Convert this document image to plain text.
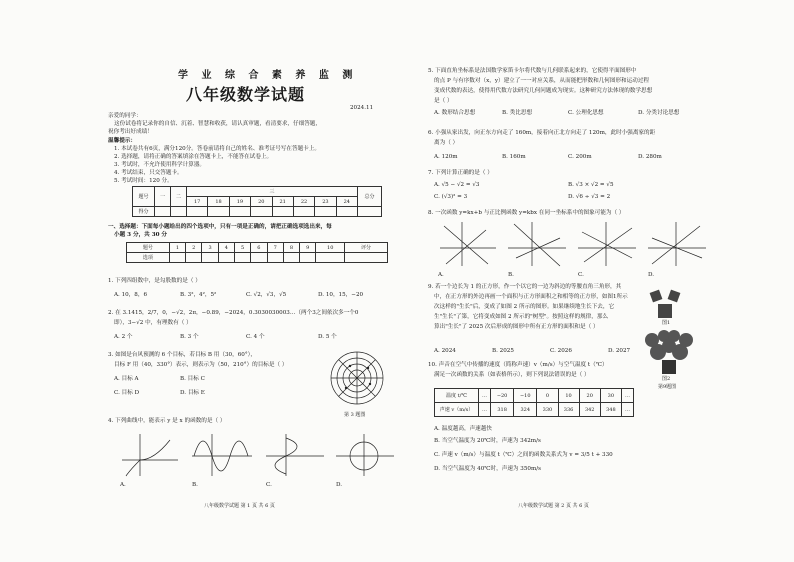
学 业 综 合 素 养 监 测
八年级数学试题
2024.11
亲爱的同学：
这份试卷将记录你的自信、沉着、智慧和收获，请认真审题，看清要求，仔细答题，
祝你考出好成绩！
温馨提示：
1. 本试卷共有6页，满分120分。答卷前请将自己的姓名、准考证号写在答题卡上。
2. 选择题，请将正确的答案填涂在答题卡上，不能答在试卷上。
3. 考试时，不允许使用科学计算器。
4. 考试结束，只交答题卡。
5. 考试时间：120 分。
题号	一	二	三								总分
			17	18	19	20	21	22	23	24	
得分											
一、选择题：下面每小题给出的四个选项中，只有一项是正确的，请把正确选项选出来，每
小题 3 分，共 30 分
题号	1	2	3	4	5	6	7	8	9	10	评分
选项											
1. 下列四组数中，是勾股数的是（ ）
A. 10，8，6	B. 3²，4²，5²	C. √2，√3，√5	D. 10，15，−20
2. 在 3.1415，2/7，0，−√2，2π，−0.89，−2024，0.3030030003…（两个3之间依次多一个0
即），3−√2 中，有理数有（ ）
A. 2 个	B. 3 个	C. 4 个	D. 5 个
3. 如图是台风预测的 6 个目标，若目标 B 用（30，60°），
目标 F 用（40，330°）表示，则表示为（50，210°）的目标是（ ）
A. 目标 A	B. 目标 C
C. 目标 D	D. 目标 E
第 3 题图
4. 下列曲线中，能表示 y 是 x 的函数的是（ ）
A.	B.	C.	D.
八年级数学试题 第 1 页 共 6 页
5. 下面直角坐标系是法国数学家笛卡尔将代数与几何联系起来的，它使得平面图形中
的点 P 与有序数对（x，y）建立了一一对应关系，从而能把形数和几何图形和运动过程
变成代数的表达，使得用代数方法研究几何问题成为现实。这种研究方法体现的数学思想
是（ ）
A. 数形结合思想	B. 类比思想	C. 公理化思想	D. 分类讨论思想
6. 小强从家出发，向正东方向走了 160m，接着向正北方向走了 120m，此时小强离家的距
离为（ ）
A. 120m	B. 160m	C. 200m	D. 280m
7. 下列计算正确的是（ ）
A. √5 − √2 = √3	B. √3 × √2 = √5
C. (√3)² = 3	D. √6 ÷ √3 = 2
8. 一次函数 y=kx+b 与正比例函数 y=kbx 在同一坐标系中的图象可能为（ ）
A.	B.	C.	D.
9. 若一个边长为 1 的正方形，作一个以它的一边为斜边的等腰直角三角形，其
中，在正方形的外边再画一个面积与正方形面积之和相等的正方形，如图1所示
次这样的"生长"后，变成了如图 2 所示的图形。如果继续地生长下去，它
生"生长"了第，它将变成如图 2 所示的"树型"。按照这样的规律，那么
算出"生长"了 2025 次后形成的图形中所有正方形的面积和是（ ）
A. 2024	B. 2025	C. 2026	D. 2027
图1
图2
第9题图
10. 声音在空气中传播的速度（简称声速）v（m/s）与空气温度 t（℃）
满足一次函数的关系（如表格所示），则下列说法错误的是（ ）
温度 t/℃	…	−20	−10	0	10	20	30	…
声速 v（m/s）	…	318	324	330	336	342	348	…
A. 温度越高，声速越快
B. 当空气温度为 20℃时，声速为 342m/s
C. 声速 v（m/s）与温度 t（℃）之间的函数关系式为 v = 3/5 t + 330
D. 当空气温度为 40℃时，声速为 350m/s
八年级数学试题 第 2 页 共 6 页
